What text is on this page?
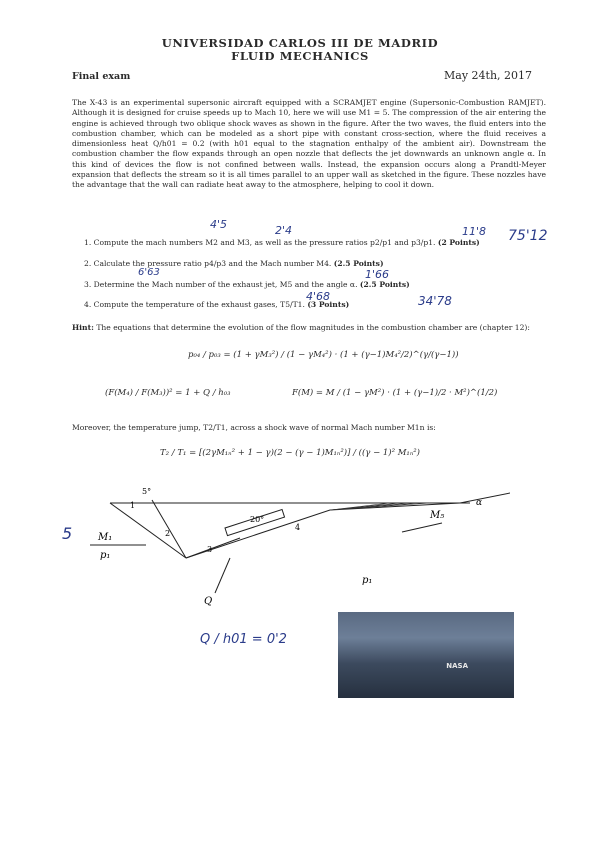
UNIVERSIDAD CARLOS III DE MADRID
FLUID MECHANICS
Final exam	May 24th, 2017
The X-43 is an experimental supersonic aircraft equipped with a SCRAMJET engine (Supersonic-Combustion RAMJET). Although it is designed for cruise speeds up to Mach 10, here we will use M1 = 5. The compression of the air entering the engine is achieved through two oblique shock waves as shown in the figure. After the two waves, the fluid enters into the combustion chamber, which can be modeled as a short pipe with constant cross-section, where the fluid receives a dimensionless heat Q/h01 = 0.2 (with h01 equal to the stagnation enthalpy of the ambient air). Downstream the combustion chamber the flow expands through an open nozzle that deflects the jet downwards an unknown angle α. In this kind of devices the flow is not confined between walls. Instead, the expansion occurs along a Prandtl-Meyer expansion that deflects the stream so it is all times parallel to an upper wall as sketched in the figure. These nozzles have the advantage that the wall can radiate heat away to the atmosphere, helping to cool it down.
1. Compute the mach numbers M2 and M3, as well as the pressure ratios p2/p1 and p3/p1. (2 Points)
2. Calculate the pressure ratio p4/p3 and the Mach number M4. (2.5 Points)
3. Determine the Mach number of the exhaust jet, M5 and the angle α. (2.5 Points)
4. Compute the temperature of the exhaust gases, T5/T1. (3 Points)
Hint: The equations that determine the evolution of the flow magnitudes in the combustion chamber are (chapter 12):
p₀₄ / p₀₃ = (1 + γM₃²) / (1 − γM₄²) · (1 + (γ−1)M₄²/2)^(γ/(γ−1))
(F(M₄) / F(M₃))² = 1 + Q / h₀₃	F(M) = M / (1 − γM²) · (1 + (γ−1)/2 · M²)^(1/2)
Moreover, the temperature jump, T2/T1, across a shock wave of normal Mach number M1n is:
T₂ / T₁ = [(2γM₁ₙ² + 1 − γ)(2 − (γ − 1)M₁ₙ²)] / ((γ − 1)² M₁ₙ²)
4'5	2'4	11'8 75'12
6'63	1'66
4'68	34'78
5
Q / h01 = 0'2
5°
20°
α
M₁
p₁
M₅
p₁
Q
1
2
3
4
NASA
